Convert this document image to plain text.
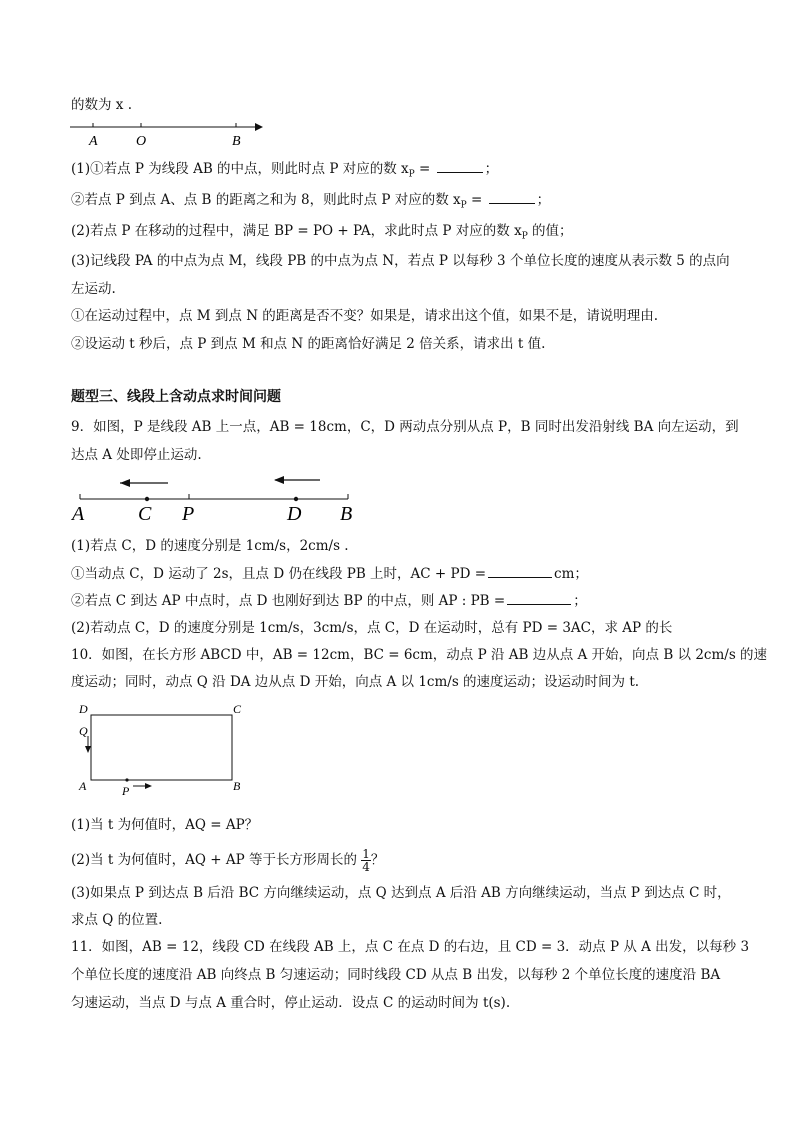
的数为 x .
A	O	B
(1)①若点 P 为线段 AB 的中点，则此时点 P 对应的数 $x_P$ =	；
②若点 P 到点 A、点 B 的距离之和为 8，则此时点 P 对应的数 $x_P$ =	；
(2)若点 P 在移动的过程中，满足 BP = PO + PA，求此时点 P 对应的数 $x_P$ 的值；
(3)记线段 PA 的中点为点 M，线段 PB 的中点为点 N，若点 P 以每秒 3 个单位长度的速度从表示数 5 的点向
左运动.
①在运动过程中，点 M 到点 N 的距离是否不变？如果是，请求出这个值，如果不是，请说明理由.
②设运动 t 秒后，点 P 到点 M 和点 N 的距离恰好满足 2 倍关系，请求出 t 值.
题型三、线段上含动点求时间问题
9．如图，P 是线段 AB 上一点，AB = 18cm，C，D 两动点分别从点 P，B 同时出发沿射线 BA 向左运动，到
达点 A 处即停止运动.
A	C P	D B
(1)若点 C，D 的速度分别是 1cm/s，2cm/s .
①当动点 C，D 运动了 2s，且点 D 仍在线段 PB 上时，AC + PD =	cm；
②若点 C 到达 AP 中点时，点 D 也刚好到达 BP 的中点，则 AP : PB =	；
(2)若动点 C，D 的速度分别是 1cm/s，3cm/s，点 C，D 在运动时，总有 PD = 3AC，求 AP 的长
10．如图，在长方形 ABCD 中，AB = 12cm，BC = 6cm，动点 P 沿 AB 边从点 A 开始，向点 B 以 2cm/s 的速
度运动；同时，动点 Q 沿 DA 边从点 D 开始，向点 A 以 1cm/s 的速度运动；设运动时间为 t.
D	C
Q
A	P	B
(1)当 t 为何值时，AQ = AP？
(2)当 t 为何值时，AQ + AP 等于长方形周长的 $\frac{1}{4}$ ？
(3)如果点 P 到达点 B 后沿 BC 方向继续运动，点 Q 达到点 A 后沿 AB 方向继续运动，当点 P 到达点 C 时，
求点 Q 的位置.
11．如图，AB = 12，线段 CD 在线段 AB 上，点 C 在点 D 的右边，且 CD = 3．动点 P 从 A 出发，以每秒 3
个单位长度的速度沿 AB 向终点 B 匀速运动；同时线段 CD 从点 B 出发，以每秒 2 个单位长度的速度沿 BA
匀速运动，当点 D 与点 A 重合时，停止运动．设点 C 的运动时间为 t(s).
